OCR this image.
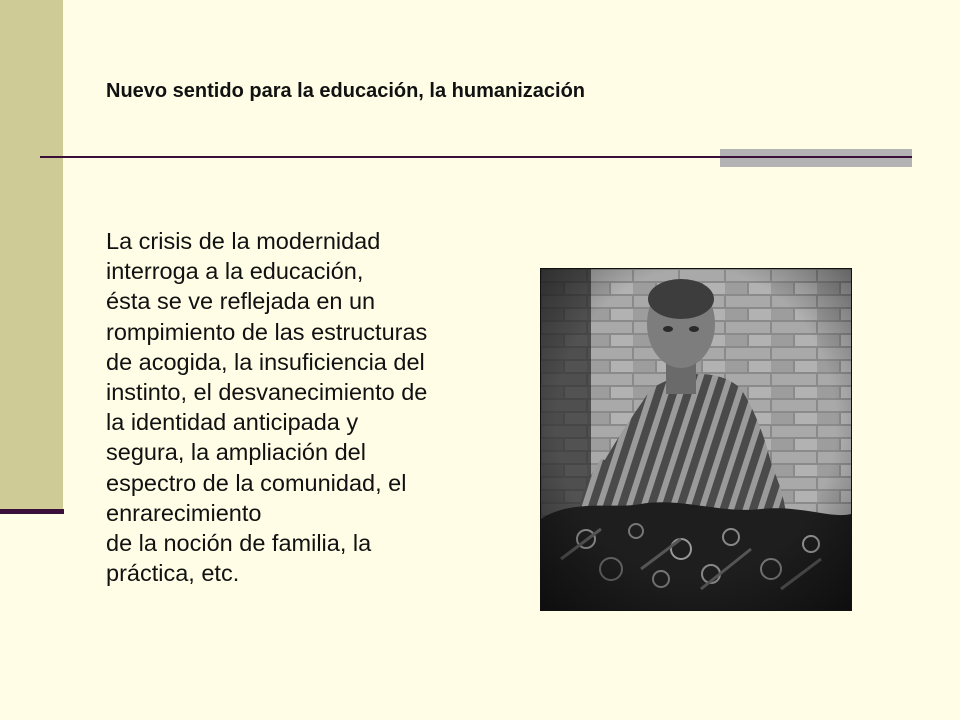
Nuevo sentido para la educación, la humanización
La crisis de la modernidad
interroga a la educación,
ésta se ve reflejada en un
rompimiento de las estructuras
de acogida, la insuficiencia del
instinto, el desvanecimiento de
la identidad anticipada y
segura, la ampliación del
espectro de la comunidad, el
enrarecimiento
de la noción de familia, la
práctica, etc.
